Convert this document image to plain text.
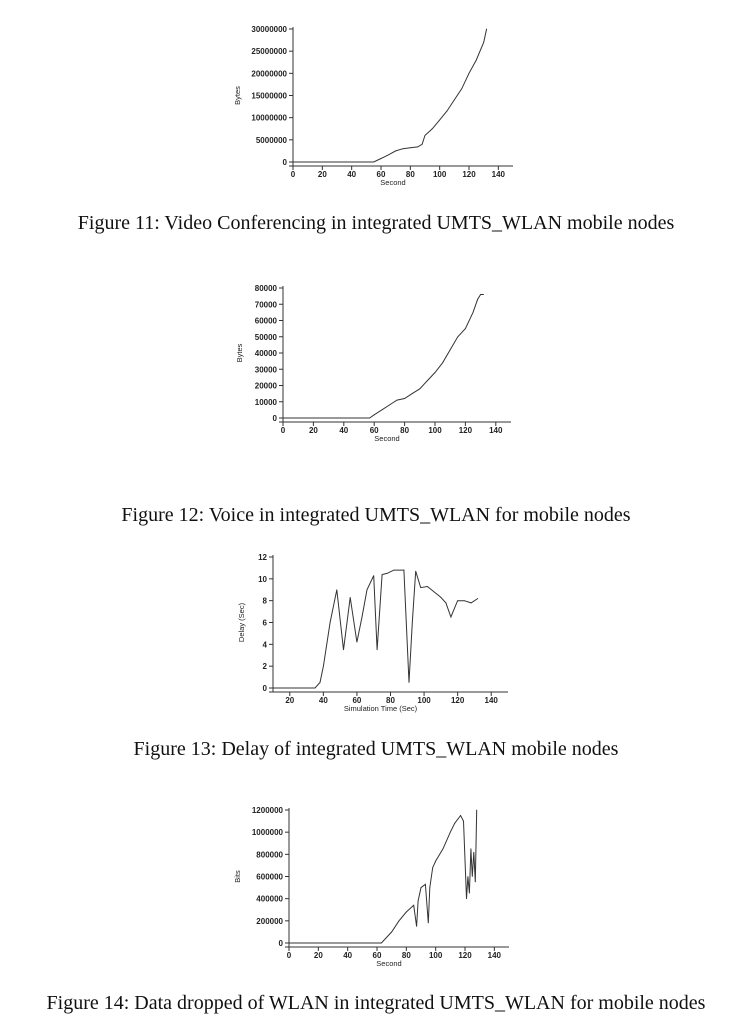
0
5000000
10000000
15000000
20000000
25000000
30000000
0	20	40	60	80 100 120 140
Second
Bytes
0
10000
20000
30000
40000
50000
60000
70000
80000
0	20	40	60	80 100 120 140
Second
Bytes
0
2
4
6
8
10
12
20	40	60	80	100	120	140
Simulation Time (Sec)
Delay (Sec)
0
200000
400000
600000
800000
1000000
1200000
0	20	40	60	80 100 120 140
Second
Bits
Figure 11: Video Conferencing in integrated UMTS_WLAN mobile nodes
Figure 12: Voice in integrated UMTS_WLAN for mobile nodes
Figure 13: Delay of integrated UMTS_WLAN mobile nodes
Figure 14: Data dropped of WLAN in integrated UMTS_WLAN for mobile nodes
